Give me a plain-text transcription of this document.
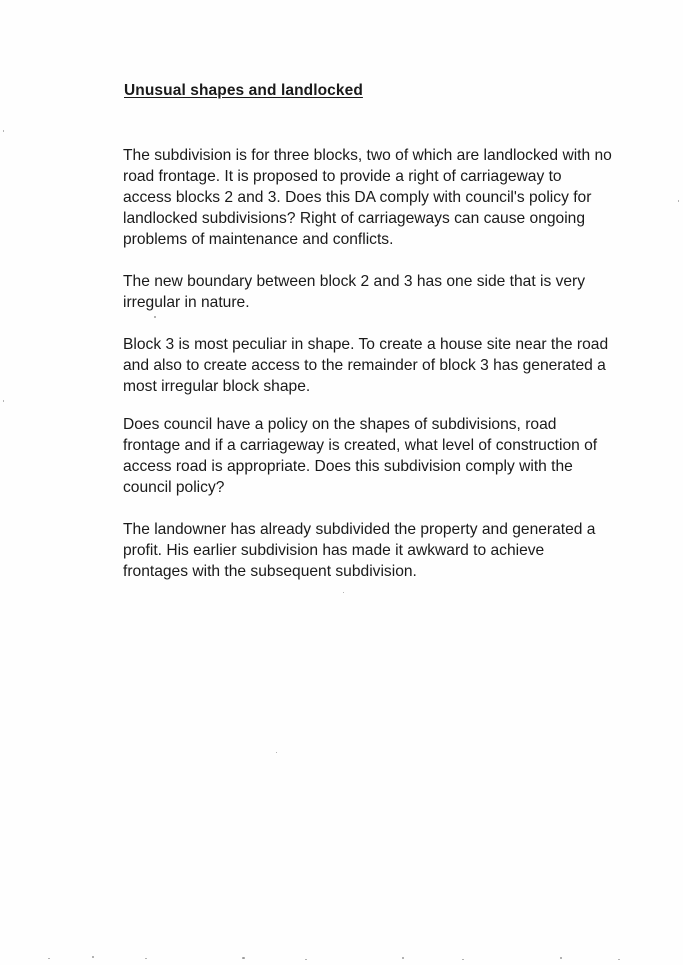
Unusual shapes and landlocked

The subdivision is for three blocks, two of which are landlocked with no road frontage. It is proposed to provide a right of carriageway to access blocks 2 and 3. Does this DA comply with council's policy for landlocked subdivisions? Right of carriageways can cause ongoing problems of maintenance and conflicts.

The new boundary between block 2 and 3 has one side that is very irregular in nature.

Block 3 is most peculiar in shape. To create a house site near the road and also to create access to the remainder of block 3 has generated a most irregular block shape.

Does council have a policy on the shapes of subdivisions, road frontage and if a carriageway is created, what level of construction of access road is appropriate. Does this subdivision comply with the council policy?

The landowner has already subdivided the property and generated a profit. His earlier subdivision has made it awkward to achieve frontages with the subsequent subdivision.
